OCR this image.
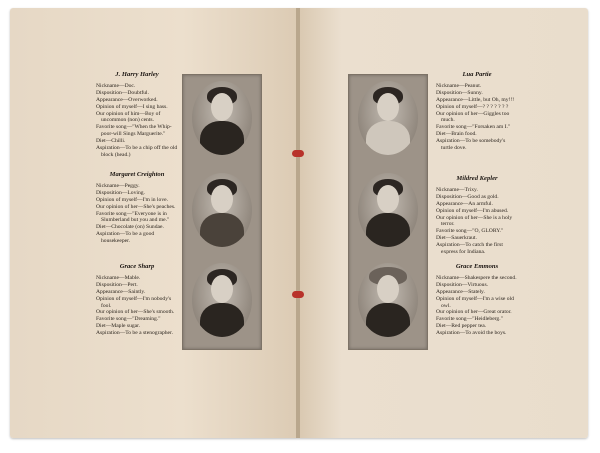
J. Harry Harley
Nickname—Doc.
Disposition—Doubtful.
Appearance—Overworked.
Opinion of myself—I sing bass.
Our opinion of him—Boy of uncommon (non) cents.
Favorite song—"When the Whip-poor-will Sings Marguerite."
Diet—Chilli.
Aspiration—To be a chip off the old block (head.)
Margaret Creighton
Nickname—Peggy.
Disposition—Loving.
Opinion of myself—I'm in love.
Our opinion of her—She's peaches.
Favorite song—"Everyone is in Slumberland but you and me."
Diet—Chocolate (on) Sundae.
Aspiration—To be a good housekeeper.
Grace Sharp
Nickname—Mable.
Disposition—Pert.
Appearance—Saintly.
Opinion of myself—I'm nobody's fool.
Our opinion of her—She's smooth.
Favorite song—"Dreaming."
Diet—Maple sugar.
Aspiration—To be a stenographer.
Lua Partie
Nickname—Peanut.
Disposition—Sunny.
Appearance—Little, but Oh, my!!!
Opinion of myself—? ? ? ? ? ? ?
Our opinion of her—Giggles too much.
Favorite song—"Forsaken am I."
Diet—Brain food.
Aspiration—To be somebody's turtle dove.
Mildred Kepler
Nickname—Trixy.
Disposition—Good as gold.
Appearance—An armful.
Opinion of myself—I'm abused.
Our opinion of her—She is a holy terror.
Favorite song—"O, GLORY."
Diet—Sauerkraut.
Aspiration—To catch the first express for Indiana.
Grace Emmons
Nickname—Shakespere the second.
Disposition—Virtuous.
Appearance—Stately.
Opinion of myself—I'm a wise old owl.
Our opinion of her—Great orator.
Favorite song—"Heidleberg."
Diet—Red pepper tea.
Aspiration—To avoid the boys.
